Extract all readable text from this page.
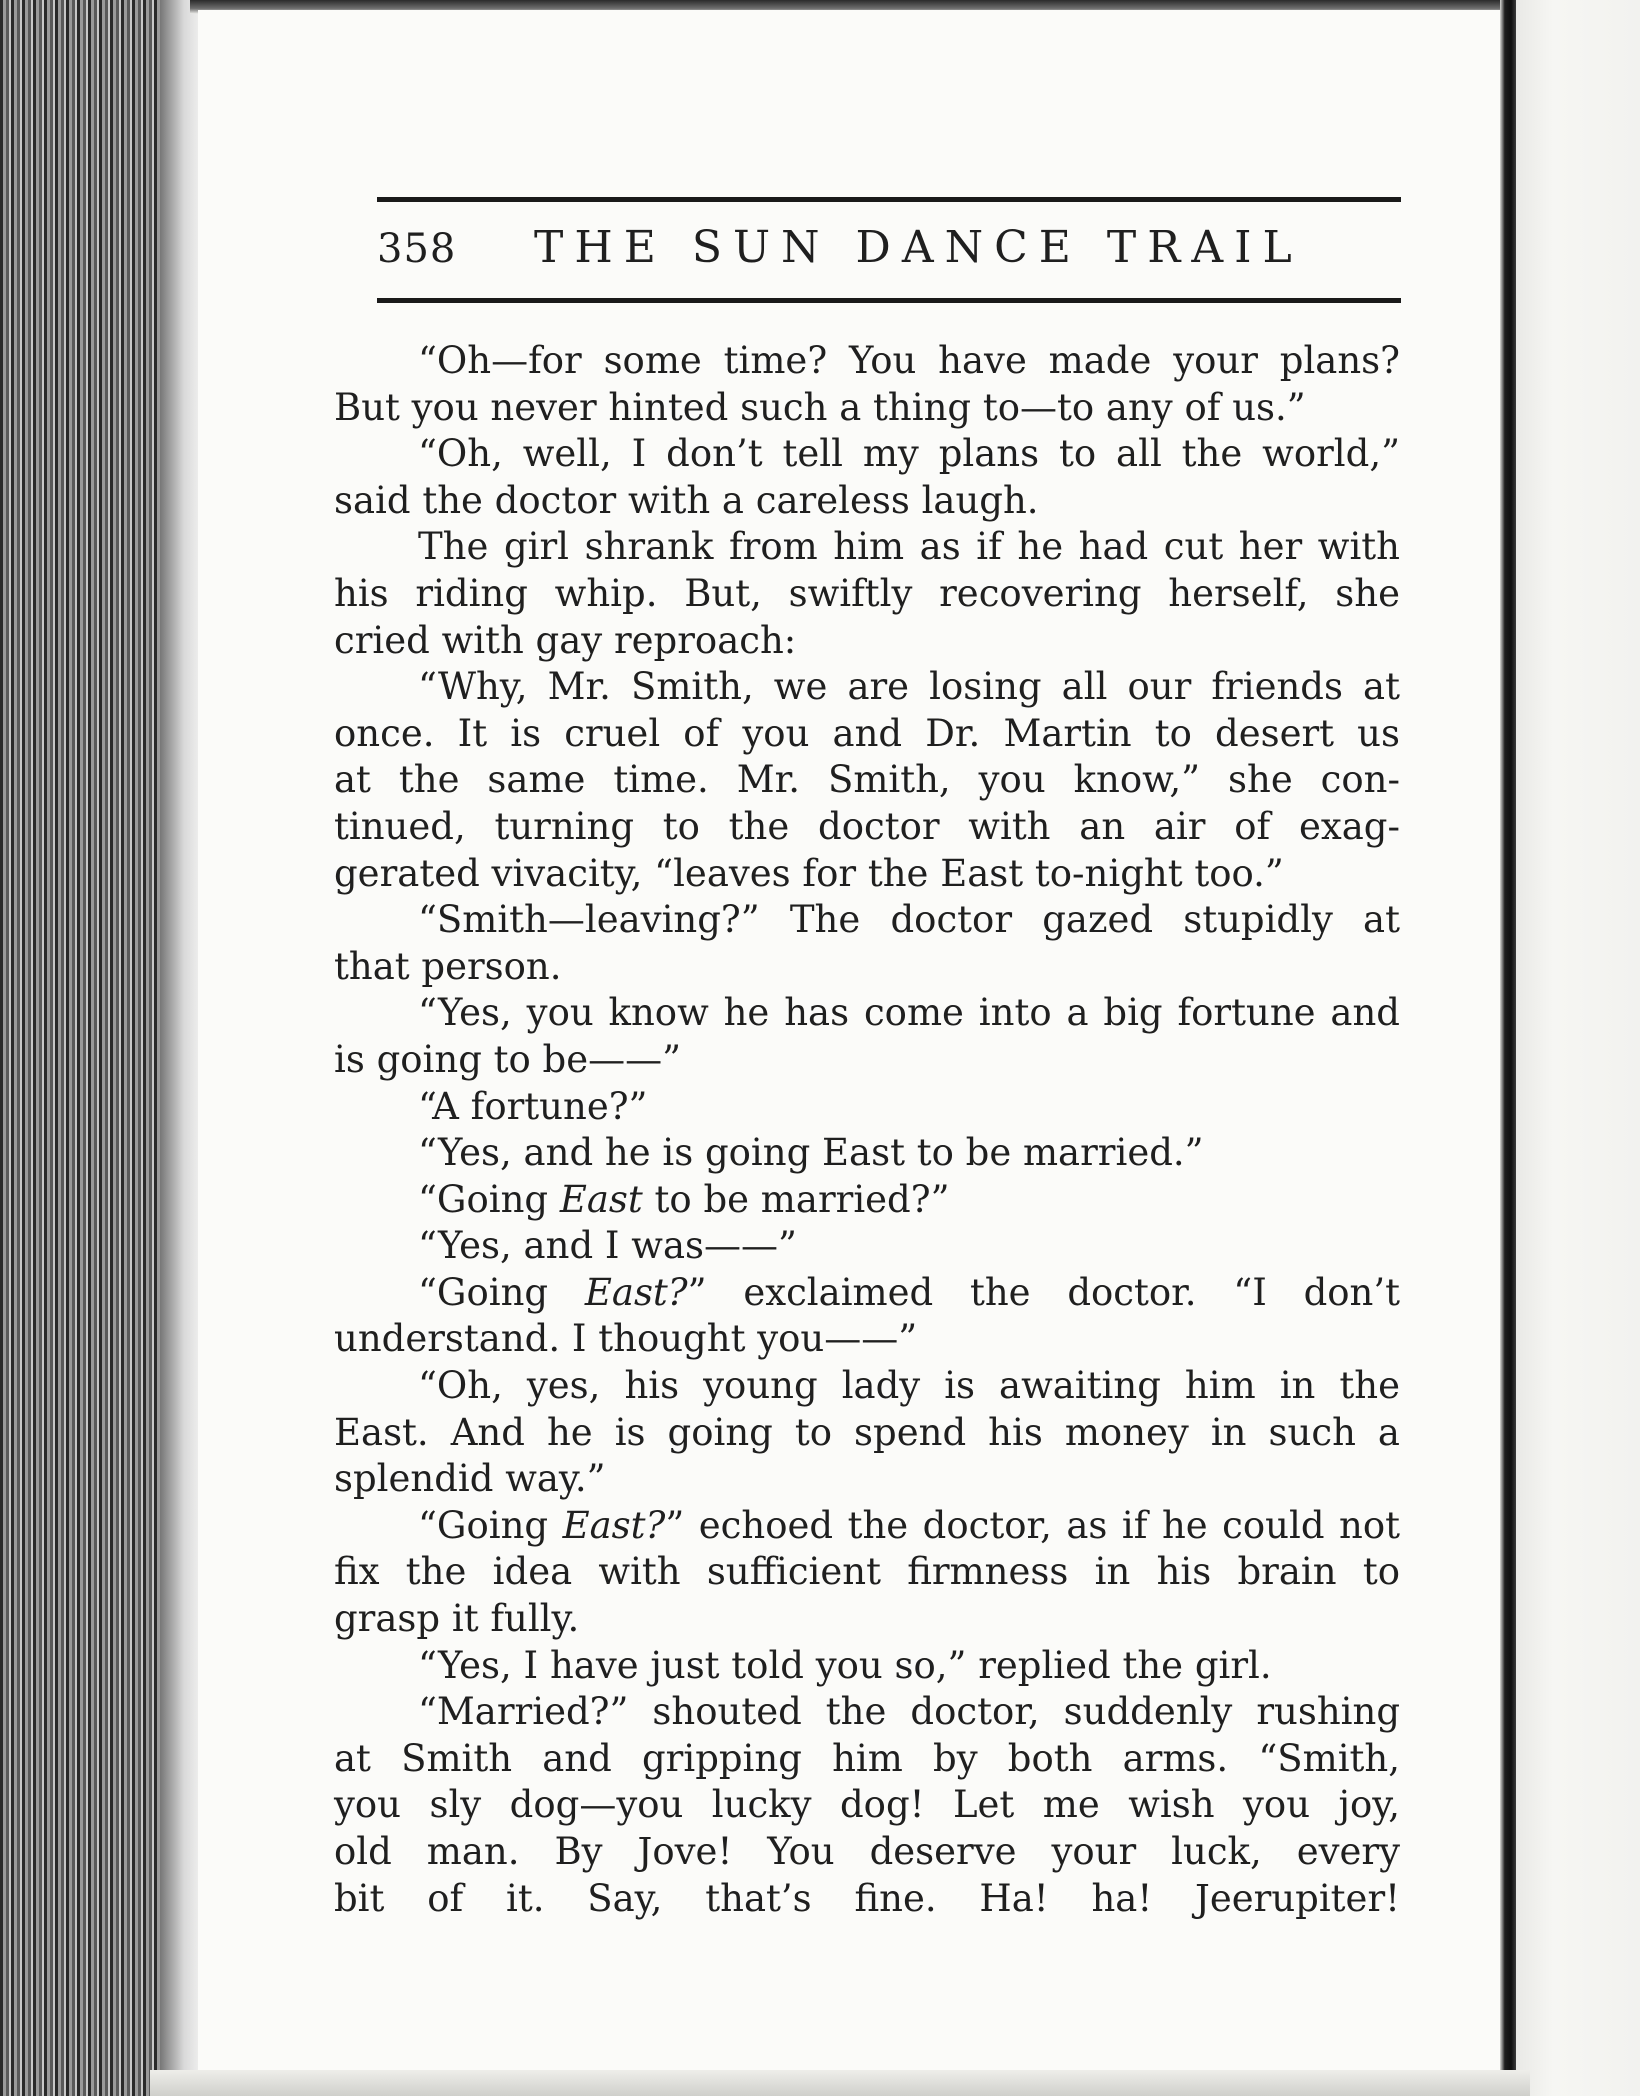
358 THE SUN DANCE TRAIL

“Oh—for some time? You have made your plans?
But you never hinted such a thing to—to any of us.”

“Oh, well, I don’t tell my plans to all the world,”
said the doctor with a careless laugh.

The girl shrank from him as if he had cut her with
his riding whip. But, swiftly recovering herself, she
cried with gay reproach:

“Why, Mr. Smith, we are losing all our friends at
once. It is cruel of you and Dr. Martin to desert us
at the same time. Mr. Smith, you know,” she con-
tinued, turning to the doctor with an air of exag-
gerated vivacity, “leaves for the East to-night too.”

“Smith—leaving?” The doctor gazed stupidly at
that person.

“Yes, you know he has come into a big fortune and
is going to be——”

“A fortune?”

“Yes, and he is going East to be married.”

“Going East to be married?”

“Yes, and I was——”

“Going East?” exclaimed the doctor. “I don’t
understand. I thought you——”

“Oh, yes, his young lady is awaiting him in the
East. And he is going to spend his money in such a
splendid way.”

“Going East?” echoed the doctor, as if he could not
fix the idea with sufficient firmness in his brain to
grasp it fully.

“Yes, I have just told you so,” replied the girl.

“Married?” shouted the doctor, suddenly rushing
at Smith and gripping him by both arms. “Smith,
you sly dog—you lucky dog! Let me wish you joy,
old man. By Jove! You deserve your luck, every
bit of it. Say, that’s fine. Ha! ha! Jeerupiter!
